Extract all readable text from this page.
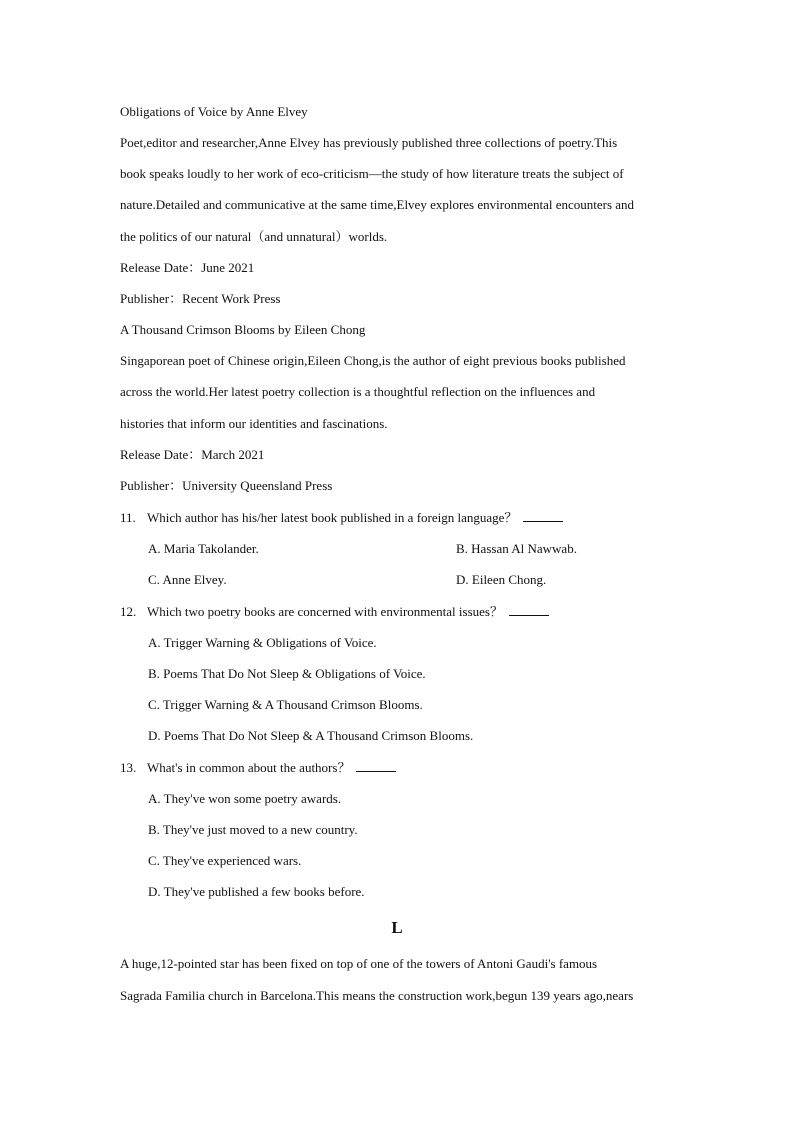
Obligations of Voice by Anne Elvey
Poet,editor and researcher,Anne Elvey has previously published three collections of poetry.This
book speaks loudly to her work of eco-criticism—the study of how literature treats the subject of
nature.Detailed and communicative at the same time,Elvey explores environmental encounters and
the politics of our natural（and unnatural）worlds.
Release Date：June 2021
Publisher：Recent Work Press
A Thousand Crimson Blooms by Eileen Chong
Singaporean poet of Chinese origin,Eileen Chong,is the author of eight previous books published
across the world.Her latest poetry collection is a thoughtful reflection on the influences and
histories that inform our identities and fascinations.
Release Date：March 2021
Publisher：University Queensland Press
11. Which author has his/her latest book published in a foreign language？
A. Maria Takolander.	B. Hassan Al Nawwab.
C. Anne Elvey.	D. Eileen Chong.
12. Which two poetry books are concerned with environmental issues？
A. Trigger Warning & Obligations of Voice.
B. Poems That Do Not Sleep & Obligations of Voice.
C. Trigger Warning & A Thousand Crimson Blooms.
D. Poems That Do Not Sleep & A Thousand Crimson Blooms.
13. What's in common about the authors？
A. They've won some poetry awards.
B. They've just moved to a new country.
C. They've experienced wars.
D. They've published a few books before.
L
A huge,12-pointed star has been fixed on top of one of the towers of Antoni Gaudi's famous
Sagrada Familia church in Barcelona.This means the construction work,begun 139 years ago,nears
